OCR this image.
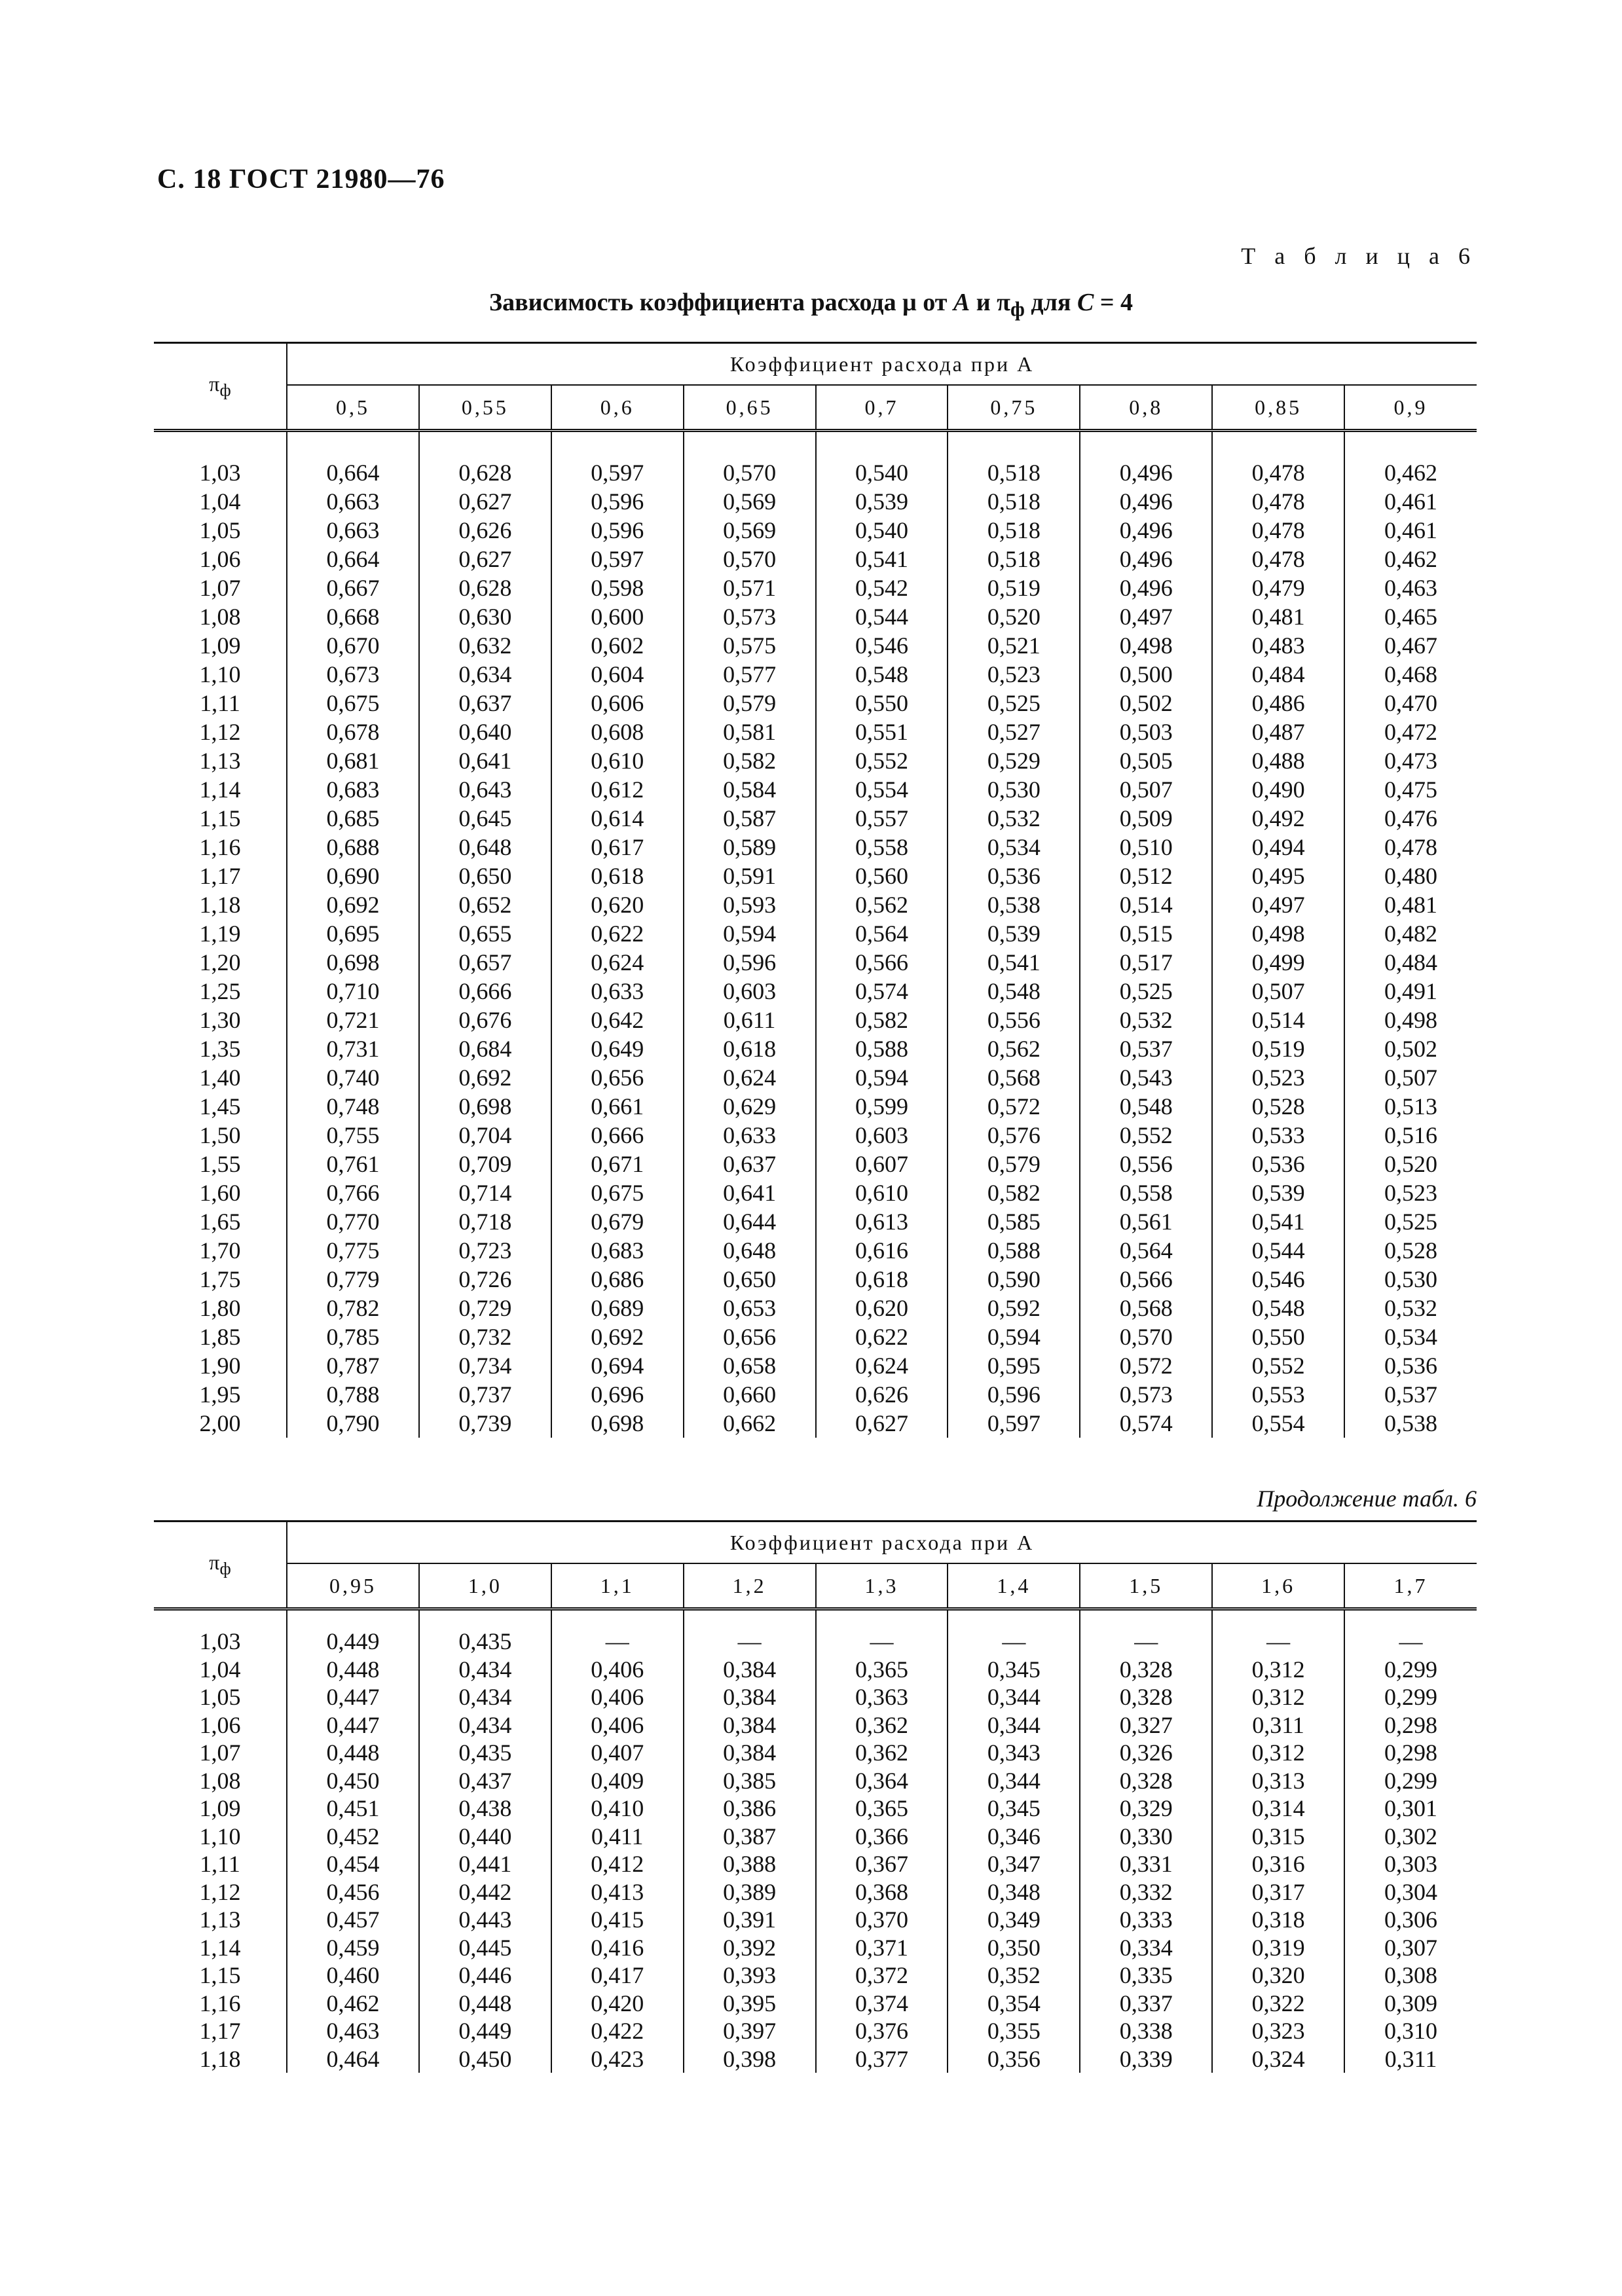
С. 18 ГОСТ 21980—76
Т а б л и ц а 6
Зависимость коэффициента расхода μ от A и $\pi_ф$ для C = 4
$\pi_ф$	Коэффициент расхода при A								
	0,5	0,55	0,6	0,65	0,7	0,75	0,8	0,85	0,9

1,03	0,664	0,628	0,597	0,570	0,540	0,518	0,496	0,478	0,462
1,04	0,663	0,627	0,596	0,569	0,539	0,518	0,496	0,478	0,461
1,05	0,663	0,626	0,596	0,569	0,540	0,518	0,496	0,478	0,461
1,06	0,664	0,627	0,597	0,570	0,541	0,518	0,496	0,478	0,462
1,07	0,667	0,628	0,598	0,571	0,542	0,519	0,496	0,479	0,463
1,08	0,668	0,630	0,600	0,573	0,544	0,520	0,497	0,481	0,465
1,09	0,670	0,632	0,602	0,575	0,546	0,521	0,498	0,483	0,467
1,10	0,673	0,634	0,604	0,577	0,548	0,523	0,500	0,484	0,468
1,11	0,675	0,637	0,606	0,579	0,550	0,525	0,502	0,486	0,470
1,12	0,678	0,640	0,608	0,581	0,551	0,527	0,503	0,487	0,472
1,13	0,681	0,641	0,610	0,582	0,552	0,529	0,505	0,488	0,473
1,14	0,683	0,643	0,612	0,584	0,554	0,530	0,507	0,490	0,475
1,15	0,685	0,645	0,614	0,587	0,557	0,532	0,509	0,492	0,476
1,16	0,688	0,648	0,617	0,589	0,558	0,534	0,510	0,494	0,478
1,17	0,690	0,650	0,618	0,591	0,560	0,536	0,512	0,495	0,480
1,18	0,692	0,652	0,620	0,593	0,562	0,538	0,514	0,497	0,481
1,19	0,695	0,655	0,622	0,594	0,564	0,539	0,515	0,498	0,482
1,20	0,698	0,657	0,624	0,596	0,566	0,541	0,517	0,499	0,484
1,25	0,710	0,666	0,633	0,603	0,574	0,548	0,525	0,507	0,491
1,30	0,721	0,676	0,642	0,611	0,582	0,556	0,532	0,514	0,498
1,35	0,731	0,684	0,649	0,618	0,588	0,562	0,537	0,519	0,502
1,40	0,740	0,692	0,656	0,624	0,594	0,568	0,543	0,523	0,507
1,45	0,748	0,698	0,661	0,629	0,599	0,572	0,548	0,528	0,513
1,50	0,755	0,704	0,666	0,633	0,603	0,576	0,552	0,533	0,516
1,55	0,761	0,709	0,671	0,637	0,607	0,579	0,556	0,536	0,520
1,60	0,766	0,714	0,675	0,641	0,610	0,582	0,558	0,539	0,523
1,65	0,770	0,718	0,679	0,644	0,613	0,585	0,561	0,541	0,525
1,70	0,775	0,723	0,683	0,648	0,616	0,588	0,564	0,544	0,528
1,75	0,779	0,726	0,686	0,650	0,618	0,590	0,566	0,546	0,530
1,80	0,782	0,729	0,689	0,653	0,620	0,592	0,568	0,548	0,532
1,85	0,785	0,732	0,692	0,656	0,622	0,594	0,570	0,550	0,534
1,90	0,787	0,734	0,694	0,658	0,624	0,595	0,572	0,552	0,536
1,95	0,788	0,737	0,696	0,660	0,626	0,596	0,573	0,553	0,537
2,00	0,790	0,739	0,698	0,662	0,627	0,597	0,574	0,554	0,538
Продолжение табл. 6
$\pi_ф$	Коэффициент расхода при A								
	0,95	1,0	1,1	1,2	1,3	1,4	1,5	1,6	1,7

1,03	0,449	0,435	—	—	—	—	—	—	—
1,04	0,448	0,434	0,406	0,384	0,365	0,345	0,328	0,312	0,299
1,05	0,447	0,434	0,406	0,384	0,363	0,344	0,328	0,312	0,299
1,06	0,447	0,434	0,406	0,384	0,362	0,344	0,327	0,311	0,298
1,07	0,448	0,435	0,407	0,384	0,362	0,343	0,326	0,312	0,298
1,08	0,450	0,437	0,409	0,385	0,364	0,344	0,328	0,313	0,299
1,09	0,451	0,438	0,410	0,386	0,365	0,345	0,329	0,314	0,301
1,10	0,452	0,440	0,411	0,387	0,366	0,346	0,330	0,315	0,302
1,11	0,454	0,441	0,412	0,388	0,367	0,347	0,331	0,316	0,303
1,12	0,456	0,442	0,413	0,389	0,368	0,348	0,332	0,317	0,304
1,13	0,457	0,443	0,415	0,391	0,370	0,349	0,333	0,318	0,306
1,14	0,459	0,445	0,416	0,392	0,371	0,350	0,334	0,319	0,307
1,15	0,460	0,446	0,417	0,393	0,372	0,352	0,335	0,320	0,308
1,16	0,462	0,448	0,420	0,395	0,374	0,354	0,337	0,322	0,309
1,17	0,463	0,449	0,422	0,397	0,376	0,355	0,338	0,323	0,310
1,18	0,464	0,450	0,423	0,398	0,377	0,356	0,339	0,324	0,311
